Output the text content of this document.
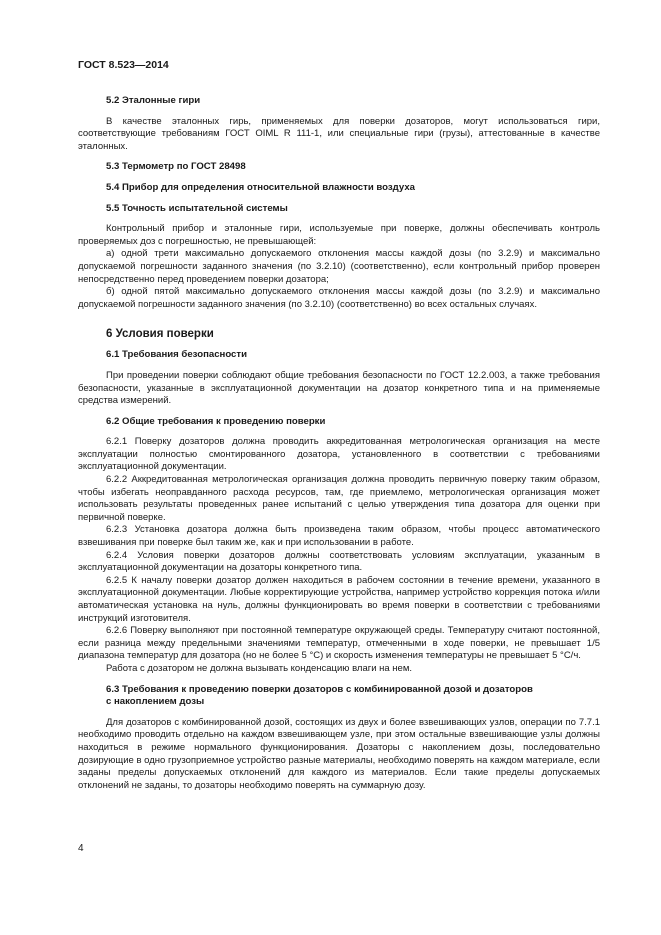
ГОСТ 8.523—2014
5.2 Эталонные гири

В качестве эталонных гирь, применяемых для поверки дозаторов, могут использоваться гири, соответствующие требованиям ГОСТ OIML R 111-1, или специальные гири (грузы), аттестованные в качестве эталонных.

5.3 Термометр по ГОСТ 28498
5.4 Прибор для определения относительной влажности воздуха
5.5 Точность испытательной системы

Контрольный прибор и эталонные гири, используемые при поверке, должны обеспечивать контроль проверяемых доз с погрешностью, не превышающей:

а) одной трети максимально допускаемого отклонения массы каждой дозы (по 3.2.9) и максимально допускаемой погрешности заданного значения (по 3.2.10) (соответственно), если контрольный прибор проверен непосредственно перед проведением поверки дозатора;

б) одной пятой максимально допускаемого отклонения массы каждой дозы (по 3.2.9) и максимально допускаемой погрешности заданного значения (по 3.2.10) (соответственно) во всех остальных случаях.

6 Условия поверки
6.1 Требования безопасности

При проведении поверки соблюдают общие требования безопасности по ГОСТ 12.2.003, а также требования безопасности, указанные в эксплуатационной документации на дозатор конкретного типа и на применяемые средства измерений.

6.2 Общие требования к проведению поверки

6.2.1 Поверку дозаторов должна проводить аккредитованная метрологическая организация на месте эксплуатации полностью смонтированного дозатора, установленного в соответствии с требованиями эксплуатационной документации.

6.2.2 Аккредитованная метрологическая организация должна проводить первичную поверку таким образом, чтобы избегать неоправданного расхода ресурсов, там, где приемлемо, метрологическая организация может использовать результаты проведенных ранее испытаний с целью утверждения типа дозатора для оценки при первичной поверке.

6.2.3 Установка дозатора должна быть произведена таким образом, чтобы процесс автоматического взвешивания при поверке был таким же, как и при использовании в работе.

6.2.4 Условия поверки дозаторов должны соответствовать условиям эксплуатации, указанным в эксплуатационной документации на дозаторы конкретного типа.

6.2.5 К началу поверки дозатор должен находиться в рабочем состоянии в течение времени, указанного в эксплуатационной документации. Любые корректирующие устройства, например устройство коррекция потока и/или автоматическая установка на нуль, должны функционировать во время поверки в соответствии с требованиями инструкций изготовителя.

6.2.6 Поверку выполняют при постоянной температуре окружающей среды. Температуру считают постоянной, если разница между предельными значениями температур, отмеченными в ходе поверки, не превышает 1/5 диапазона температур для дозатора (но не более 5 °С) и скорость изменения температуры не превышает 5 °С/ч.

Работа с дозатором не должна вызывать конденсацию влаги на нем.

6.3 Требования к проведению поверки дозаторов с комбинированной дозой и дозаторов
с накоплением дозы

Для дозаторов с комбинированной дозой, состоящих из двух и более взвешивающих узлов, операции по 7.7.1 необходимо проводить отдельно на каждом взвешивающем узле, при этом остальные взвешивающие узлы должны находиться в режиме нормального функционирования. Дозаторы с накоплением дозы, последовательно дозирующие в одно грузоприемное устройство разные материалы, необходимо поверять на каждом материале, если заданы пределы допускаемых отклонений для каждого из материалов. Если такие пределы допускаемых отклонений не заданы, то дозаторы необходимо поверять на суммарную дозу.

4
